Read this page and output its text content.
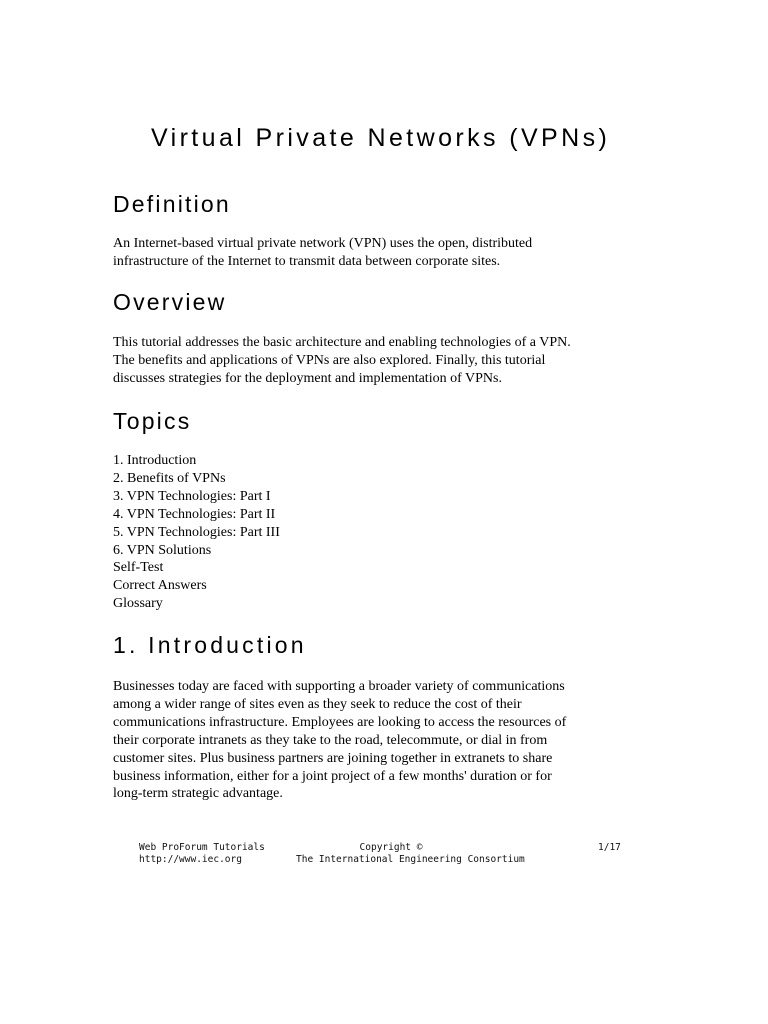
Virtual Private Networks (VPNs)
Definition

An Internet-based virtual private network (VPN) uses the open, distributed
infrastructure of the Internet to transmit data between corporate sites.

Overview

This tutorial addresses the basic architecture and enabling technologies of a VPN.
The benefits and applications of VPNs are also explored. Finally, this tutorial
discusses strategies for the deployment and implementation of VPNs.

Topics
1. Introduction
2. Benefits of VPNs
3. VPN Technologies: Part I
4. VPN Technologies: Part II
5. VPN Technologies: Part III
6. VPN Solutions
Self-Test
Correct Answers
Glossary
1. Introduction

Businesses today are faced with supporting a broader variety of communications
among a wider range of sites even as they seek to reduce the cost of their
communications infrastructure. Employees are looking to access the resources of
their corporate intranets as they take to the road, telecommute, or dial in from
customer sites. Plus business partners are joining together in extranets to share
business information, either for a joint project of a few months' duration or for
long-term strategic advantage.

Web ProForum Tutorials
http://www.iec.org
Copyright ©
The International Engineering Consortium
1/17
